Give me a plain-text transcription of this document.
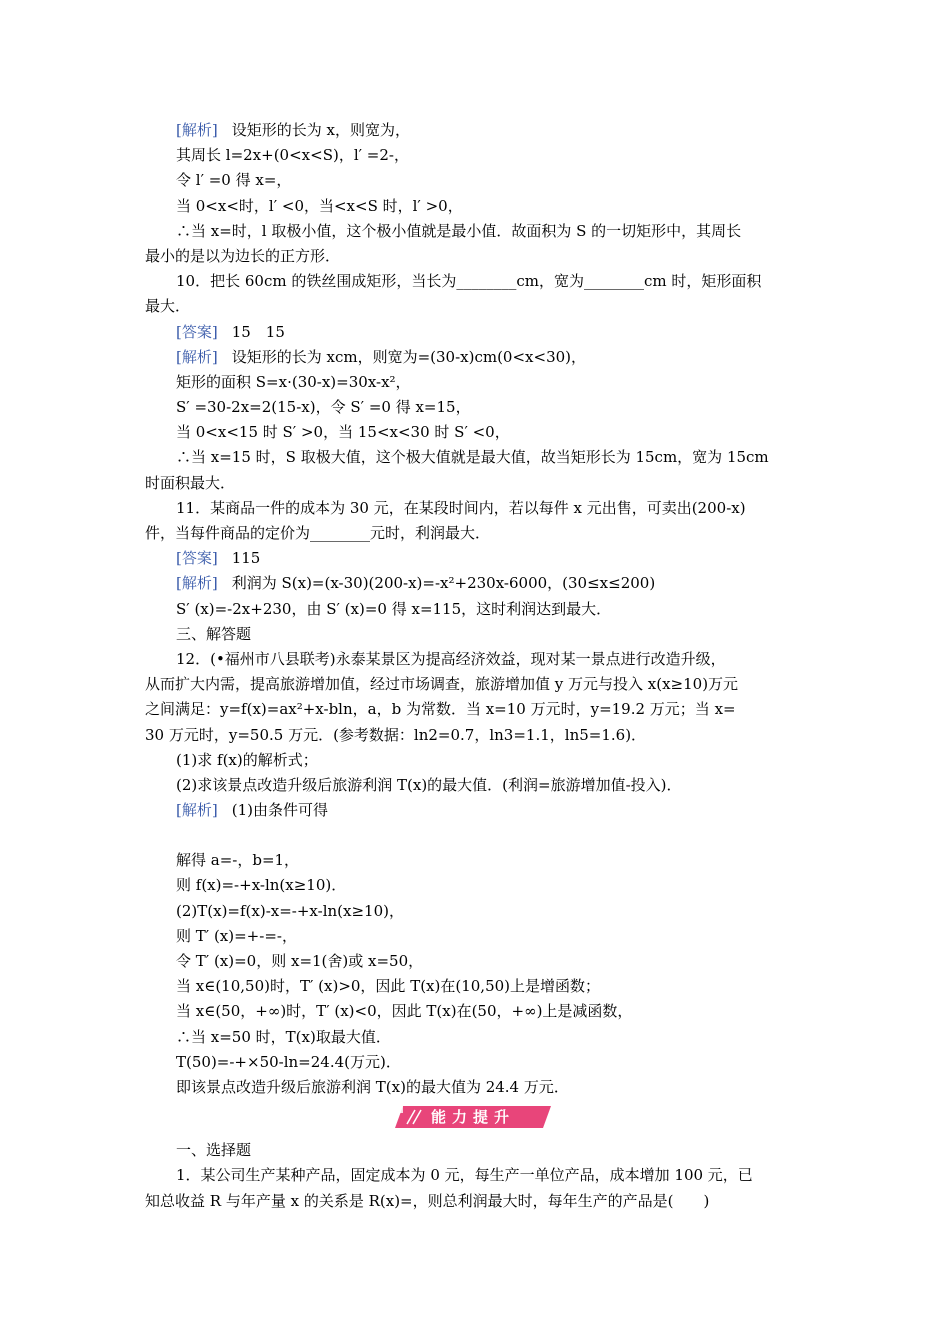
[解析] 设矩形的长为 x，则宽为，
其周长 l=2x+(0<x<S)，l′ =2-，
令 l′ =0 得 x=，
当 0<x<时，l′ <0，当<x<S 时，l′ >0，
∴当 x=时，l 取极小值，这个极小值就是最小值．故面积为 S 的一切矩形中，其周长
最小的是以为边长的正方形．
10．把长 60cm 的铁丝围成矩形，当长为________cm，宽为________cm 时，矩形面积
最大．
[答案] 15　15
[解析] 设矩形的长为 xcm，则宽为=(30-x)cm(0<x<30)，
矩形的面积 S=x·(30-x)=30x-x²，
S′ =30-2x=2(15-x)，令 S′ =0 得 x=15，
当 0<x<15 时 S′ >0，当 15<x<30 时 S′ <0，
∴当 x=15 时，S 取极大值，这个极大值就是最大值，故当矩形长为 15cm，宽为 15cm
时面积最大．
11．某商品一件的成本为 30 元，在某段时间内，若以每件 x 元出售，可卖出(200-x)
件，当每件商品的定价为________元时，利润最大．
[答案] 115
[解析] 利润为 S(x)=(x-30)(200-x)=-x²+230x-6000，(30≤x≤200)
S′ (x)=-2x+230，由 S′ (x)=0 得 x=115，这时利润达到最大．
三、解答题
12．(•福州市八县联考)永泰某景区为提高经济效益，现对某一景点进行改造升级，
从而扩大内需，提高旅游增加值，经过市场调查，旅游增加值 y 万元与投入 x(x≥10)万元
之间满足：y=f(x)=ax²+x-bln，a，b 为常数．当 x=10 万元时，y=19.2 万元；当 x=
30 万元时，y=50.5 万元．(参考数据：ln2=0.7，ln3=1.1，ln5=1.6)．
(1)求 f(x)的解析式；
(2)求该景点改造升级后旅游利润 T(x)的最大值．(利润=旅游增加值-投入)．
[解析] (1)由条件可得
解得 a=-，b=1，
则 f(x)=-+x-ln(x≥10)．
(2)T(x)=f(x)-x=-+x-ln(x≥10)，
则 T′ (x)=+-=-，
令 T′ (x)=0，则 x=1(舍)或 x=50，
当 x∈(10,50)时，T′ (x)>0，因此 T(x)在(10,50)上是增函数；
当 x∈(50，+∞)时，T′ (x)<0，因此 T(x)在(50，+∞)上是减函数，
∴当 x=50 时，T(x)取最大值．
T(50)=-+×50-ln=24.4(万元)．
即该景点改造升级后旅游利润 T(x)的最大值为 24.4 万元．
能力提升
一、选择题
1．某公司生产某种产品，固定成本为 0 元，每生产一单位产品，成本增加 100 元，已
知总收益 R 与年产量 x 的关系是 R(x)=，则总利润最大时，每年生产的产品是(　　)
